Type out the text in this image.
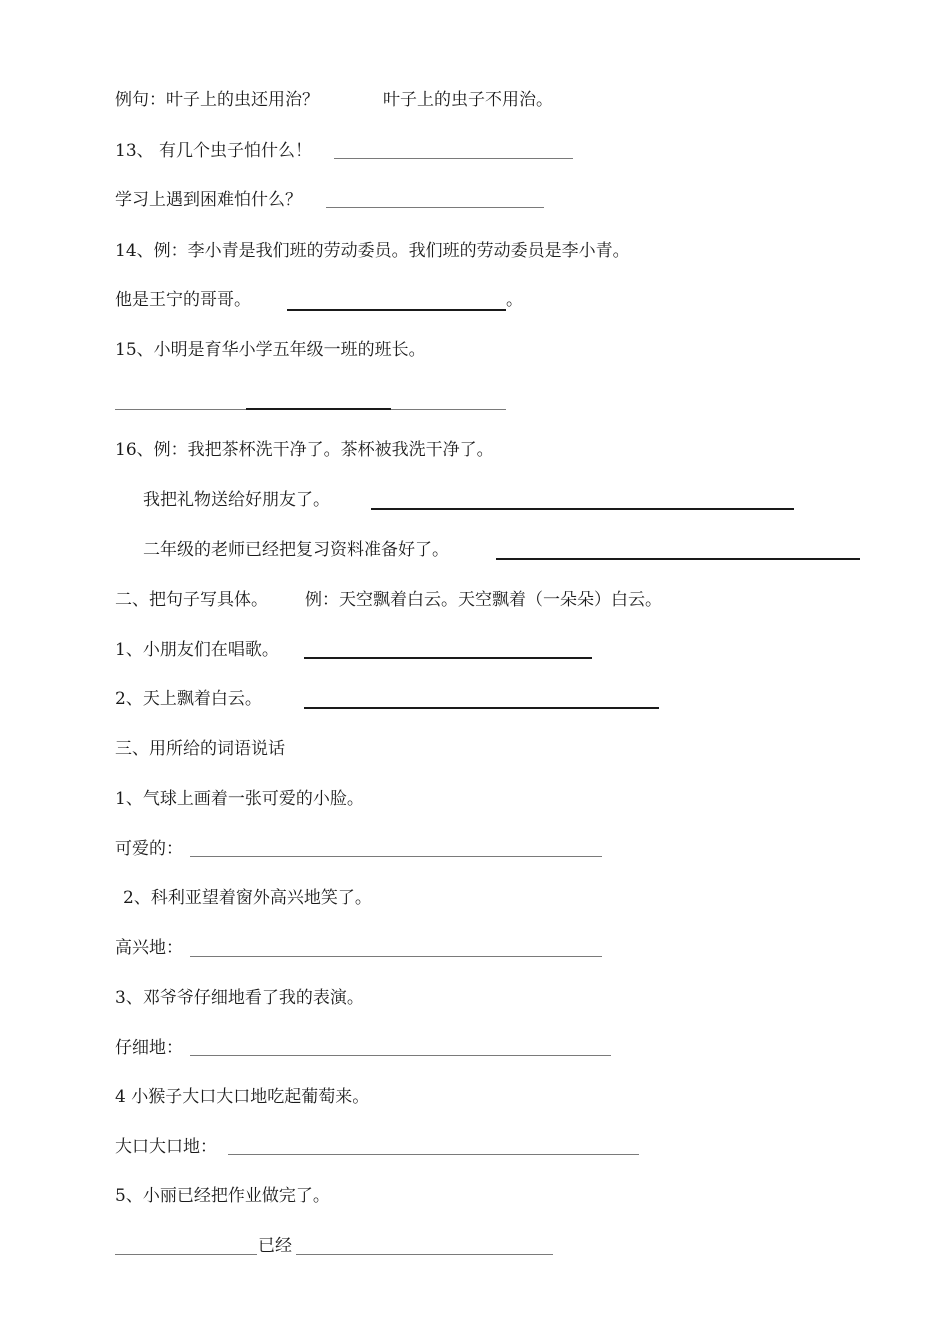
例句：叶子上的虫还用治？	叶子上的虫子不用治。
13、 有几个虫子怕什么！
学习上遇到困难怕什么？
14、例：李小青是我们班的劳动委员。我们班的劳动委员是李小青。
他是王宁的哥哥。	。
15、小明是育华小学五年级一班的班长。
16、例：我把茶杯洗干净了。茶杯被我洗干净了。
我把礼物送给好朋友了。
二年级的老师已经把复习资料准备好了。
二、把句子写具体。 例：天空飘着白云。天空飘着（一朵朵）白云。
1、小朋友们在唱歌。
2、天上飘着白云。
三、用所给的词语说话
1、气球上画着一张可爱的小脸。
可爱的：
2、科利亚望着窗外高兴地笑了。
高兴地：
3、邓爷爷仔细地看了我的表演。
仔细地：
4 小猴子大口大口地吃起葡萄来。
大口大口地：
5、小丽已经把作业做完了。
已经
